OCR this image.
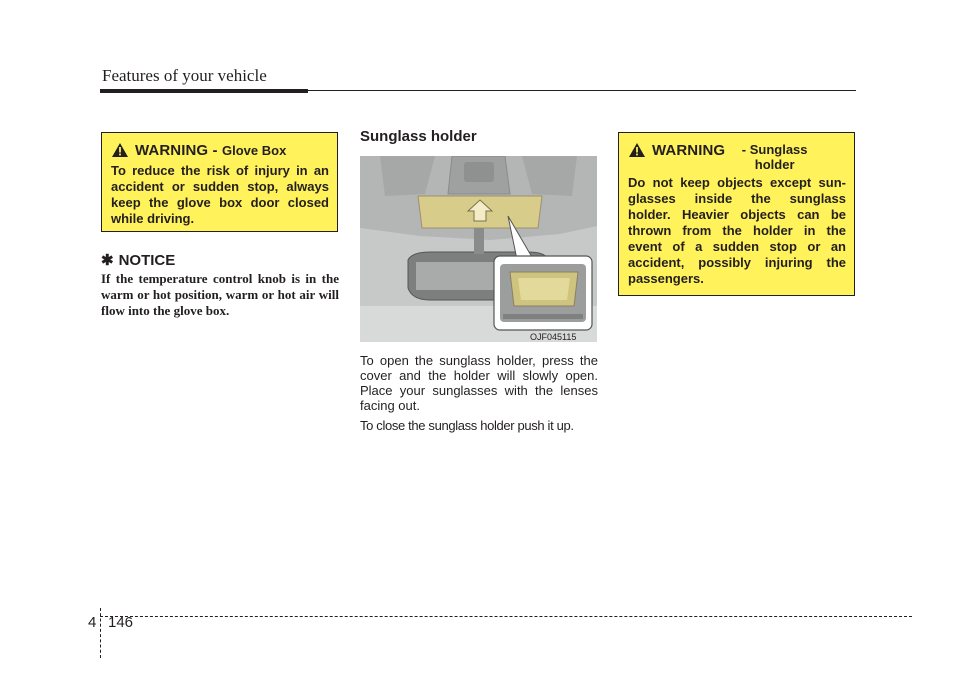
Features of your vehicle
WARNING - Glove Box
To reduce the risk of injury in an accident or sudden stop, always keep the glove box door closed while driving.
✱ NOTICE
If the temperature control knob is in the warm or hot position, warm or hot air will flow into the glove box.
Sunglass holder
OJF045115
To open the sunglass holder, press the cover and the holder will slowly open. Place your sunglasses with the lenses facing out.
To close the sunglass holder push it up.
WARNING - Sunglass holder
Do not keep objects except sun-glasses inside the sunglass holder. Heavier objects can be thrown from the holder in the event of a sudden stop or an accident, possibly injuring the passengers.
4 146
